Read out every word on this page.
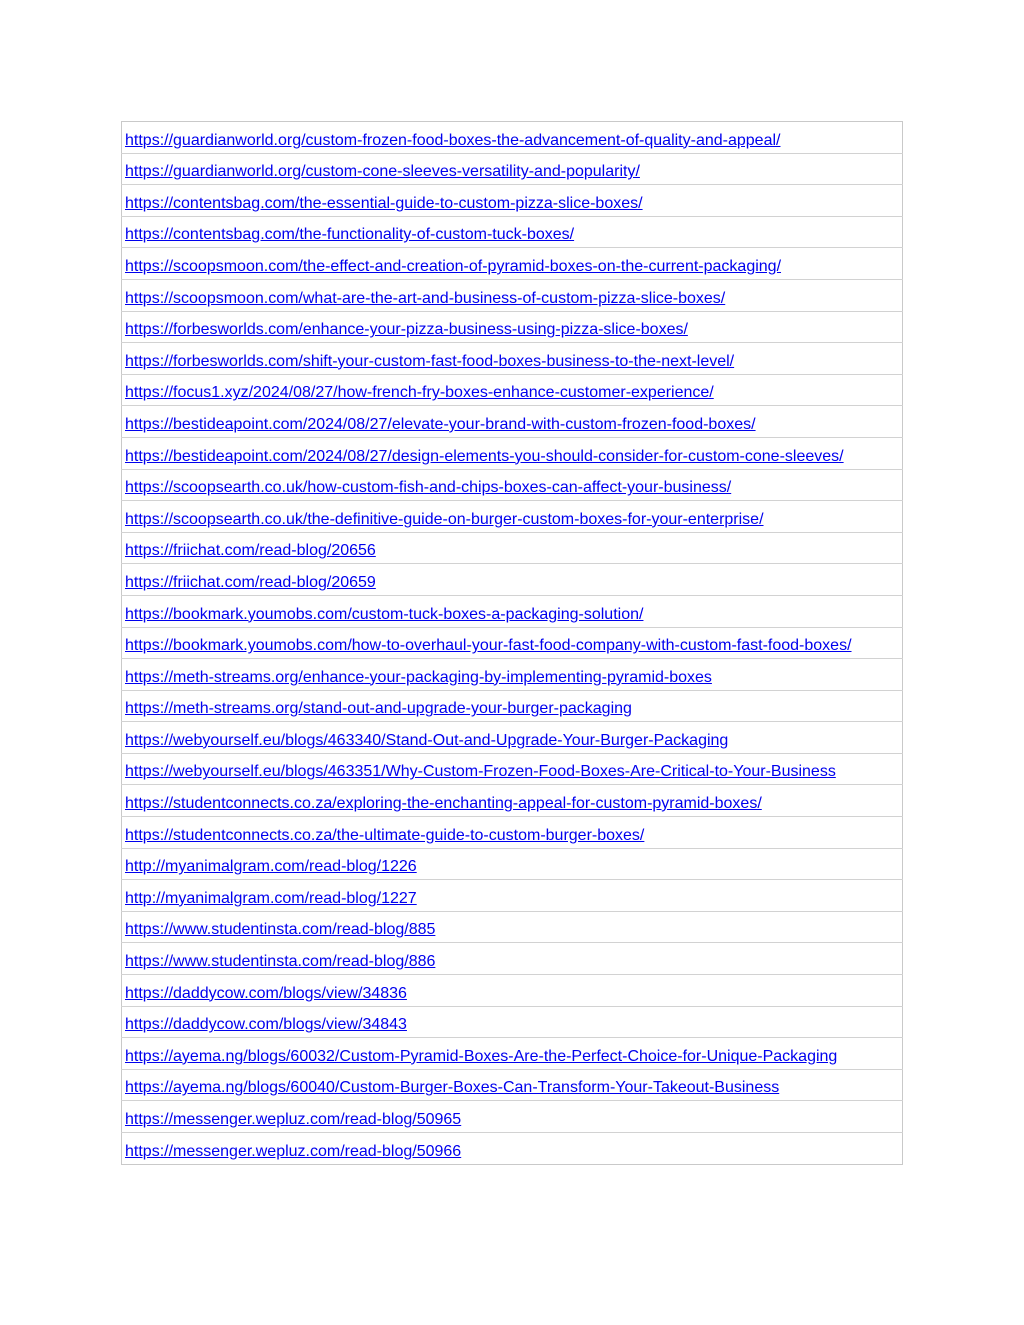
https://guardianworld.org/custom-frozen-food-boxes-the-advancement-of-quality-and-appeal/
https://guardianworld.org/custom-cone-sleeves-versatility-and-popularity/
https://contentsbag.com/the-essential-guide-to-custom-pizza-slice-boxes/
https://contentsbag.com/the-functionality-of-custom-tuck-boxes/
https://scoopsmoon.com/the-effect-and-creation-of-pyramid-boxes-on-the-current-packaging/
https://scoopsmoon.com/what-are-the-art-and-business-of-custom-pizza-slice-boxes/
https://forbesworlds.com/enhance-your-pizza-business-using-pizza-slice-boxes/
https://forbesworlds.com/shift-your-custom-fast-food-boxes-business-to-the-next-level/
https://focus1.xyz/2024/08/27/how-french-fry-boxes-enhance-customer-experience/
https://bestideapoint.com/2024/08/27/elevate-your-brand-with-custom-frozen-food-boxes/
https://bestideapoint.com/2024/08/27/design-elements-you-should-consider-for-custom-cone-sleeves/
https://scoopsearth.co.uk/how-custom-fish-and-chips-boxes-can-affect-your-business/
https://scoopsearth.co.uk/the-definitive-guide-on-burger-custom-boxes-for-your-enterprise/
https://friichat.com/read-blog/20656
https://friichat.com/read-blog/20659
https://bookmark.youmobs.com/custom-tuck-boxes-a-packaging-solution/
https://bookmark.youmobs.com/how-to-overhaul-your-fast-food-company-with-custom-fast-food-boxes/
https://meth-streams.org/enhance-your-packaging-by-implementing-pyramid-boxes
https://meth-streams.org/stand-out-and-upgrade-your-burger-packaging
https://webyourself.eu/blogs/463340/Stand-Out-and-Upgrade-Your-Burger-Packaging
https://webyourself.eu/blogs/463351/Why-Custom-Frozen-Food-Boxes-Are-Critical-to-Your-Business
https://studentconnects.co.za/exploring-the-enchanting-appeal-for-custom-pyramid-boxes/
https://studentconnects.co.za/the-ultimate-guide-to-custom-burger-boxes/
http://myanimalgram.com/read-blog/1226
http://myanimalgram.com/read-blog/1227
https://www.studentinsta.com/read-blog/885
https://www.studentinsta.com/read-blog/886
https://daddycow.com/blogs/view/34836
https://daddycow.com/blogs/view/34843
https://ayema.ng/blogs/60032/Custom-Pyramid-Boxes-Are-the-Perfect-Choice-for-Unique-Packaging
https://ayema.ng/blogs/60040/Custom-Burger-Boxes-Can-Transform-Your-Takeout-Business
https://messenger.wepluz.com/read-blog/50965
https://messenger.wepluz.com/read-blog/50966
